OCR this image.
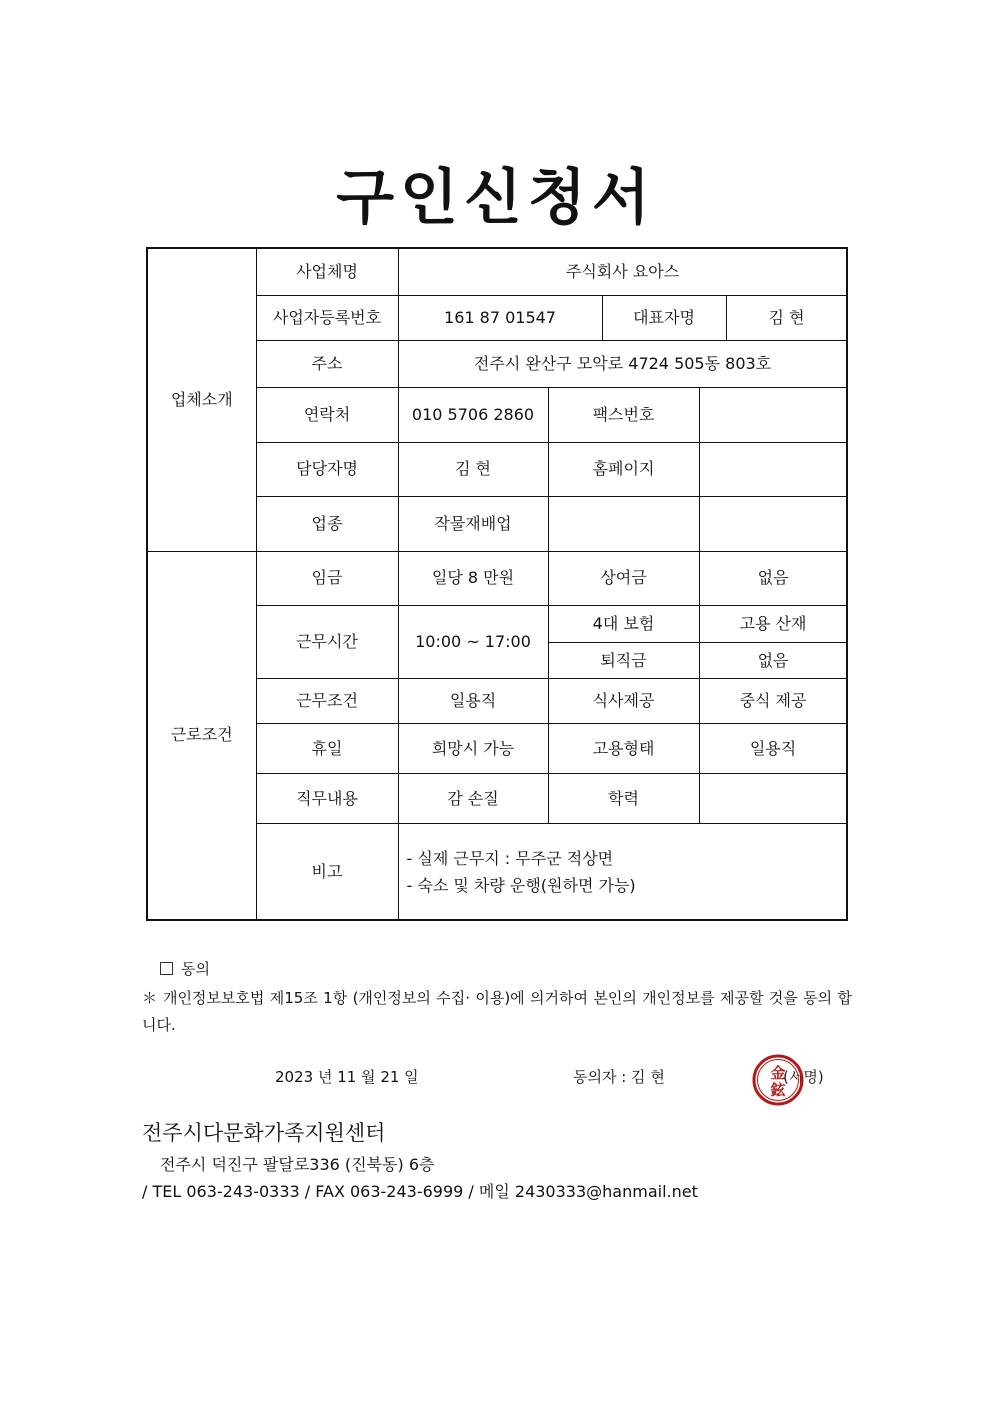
구인신청서
업체소개	사업체명	주식회사 요아스				
	사업자등록번호	161 87 01547		대표자명		김 현
	주소	전주시 완산구 모악로 4724 505동 803호				
	연락처	010 5706 2860	팩스번호			
	담당자명	김 현	홈페이지			
	업종	작물재배업				
근로조건	임금	일당 8 만원	상여금		없음	
	근무시간	10:00 ~ 17:00	4대 보험		고용 산재	
			퇴직금		없음	
	근무조건	일용직	식사제공		중식 제공	
	휴일	희망시 가능	고용형태		일용직	
	직무내용	감 손질	학력			
	비고	- 실제 근무지 : 무주군 적상면
- 숙소 및 차량 운행(원하면 가능)				
동의

＊ 개인정보보호법 제15조 1항 (개인정보의 수집· 이용)에 의거하여 본인의 개인정보를 제공할 것을 동의 합니다.

2023 년 11 월 21 일	동의자 : 김 현	(서명)
金
鉉
전주시다문화가족지원센터
전주시 덕진구 팔달로336 (진북동) 6층
/ TEL 063-243-0333 / FAX 063-243-6999 / 메일 2430333@hanmail.net
